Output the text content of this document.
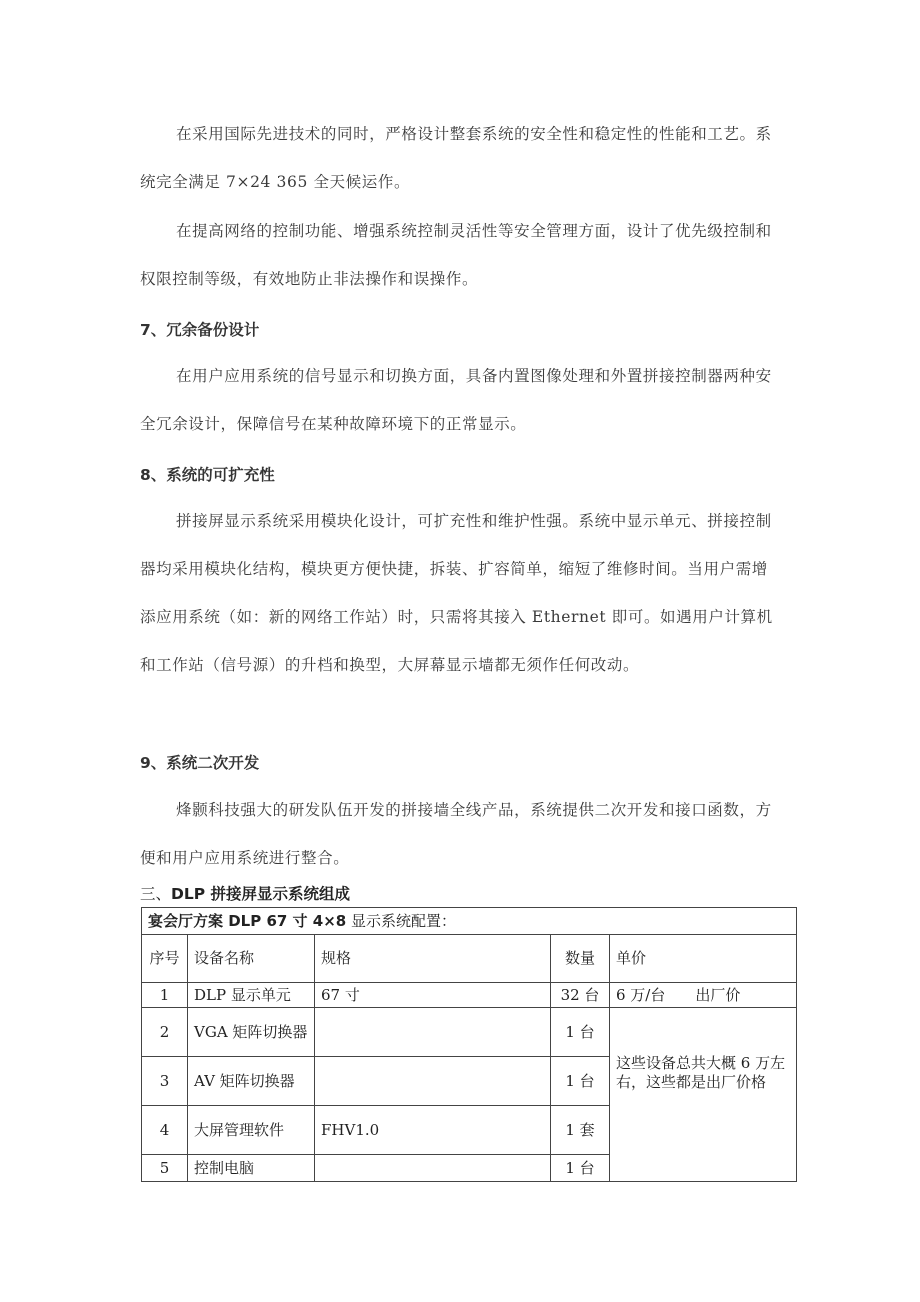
在采用国际先进技术的同时，严格设计整套系统的安全性和稳定性的性能和工艺。系统完全满足 7×24 365 全天候运作。

在提高网络的控制功能、增强系统控制灵活性等安全管理方面，设计了优先级控制和权限控制等级，有效地防止非法操作和误操作。

7、冗余备份设计

在用户应用系统的信号显示和切换方面，具备内置图像处理和外置拼接控制器两种安全冗余设计，保障信号在某种故障环境下的正常显示。

8、系统的可扩充性

拼接屏显示系统采用模块化设计，可扩充性和维护性强。系统中显示单元、拼接控制器均采用模块化结构，模块更方便快捷，拆装、扩容简单，缩短了维修时间。当用户需增添应用系统（如：新的网络工作站）时，只需将其接入 Ethernet 即可。如遇用户计算机和工作站（信号源）的升档和换型，大屏幕显示墙都无须作任何改动。

9、系统二次开发

烽颢科技强大的研发队伍开发的拼接墙全线产品，系统提供二次开发和接口函数，方便和用户应用系统进行整合。

三、DLP 拼接屏显示系统组成

宴会厅方案 DLP 67 寸 4×8 显示系统配置：				
序号	设备名称	规格	数量	单价
1	DLP 显示单元	67 寸	32 台	6 万/台　　出厂价
2	VGA 矩阵切换器		1 台	这些设备总共大概 6 万左右，这些都是出厂价格
3	AV 矩阵切换器		1 台	
4	大屏管理软件	FHV1.0	1 套	
5	控制电脑		1 台	
